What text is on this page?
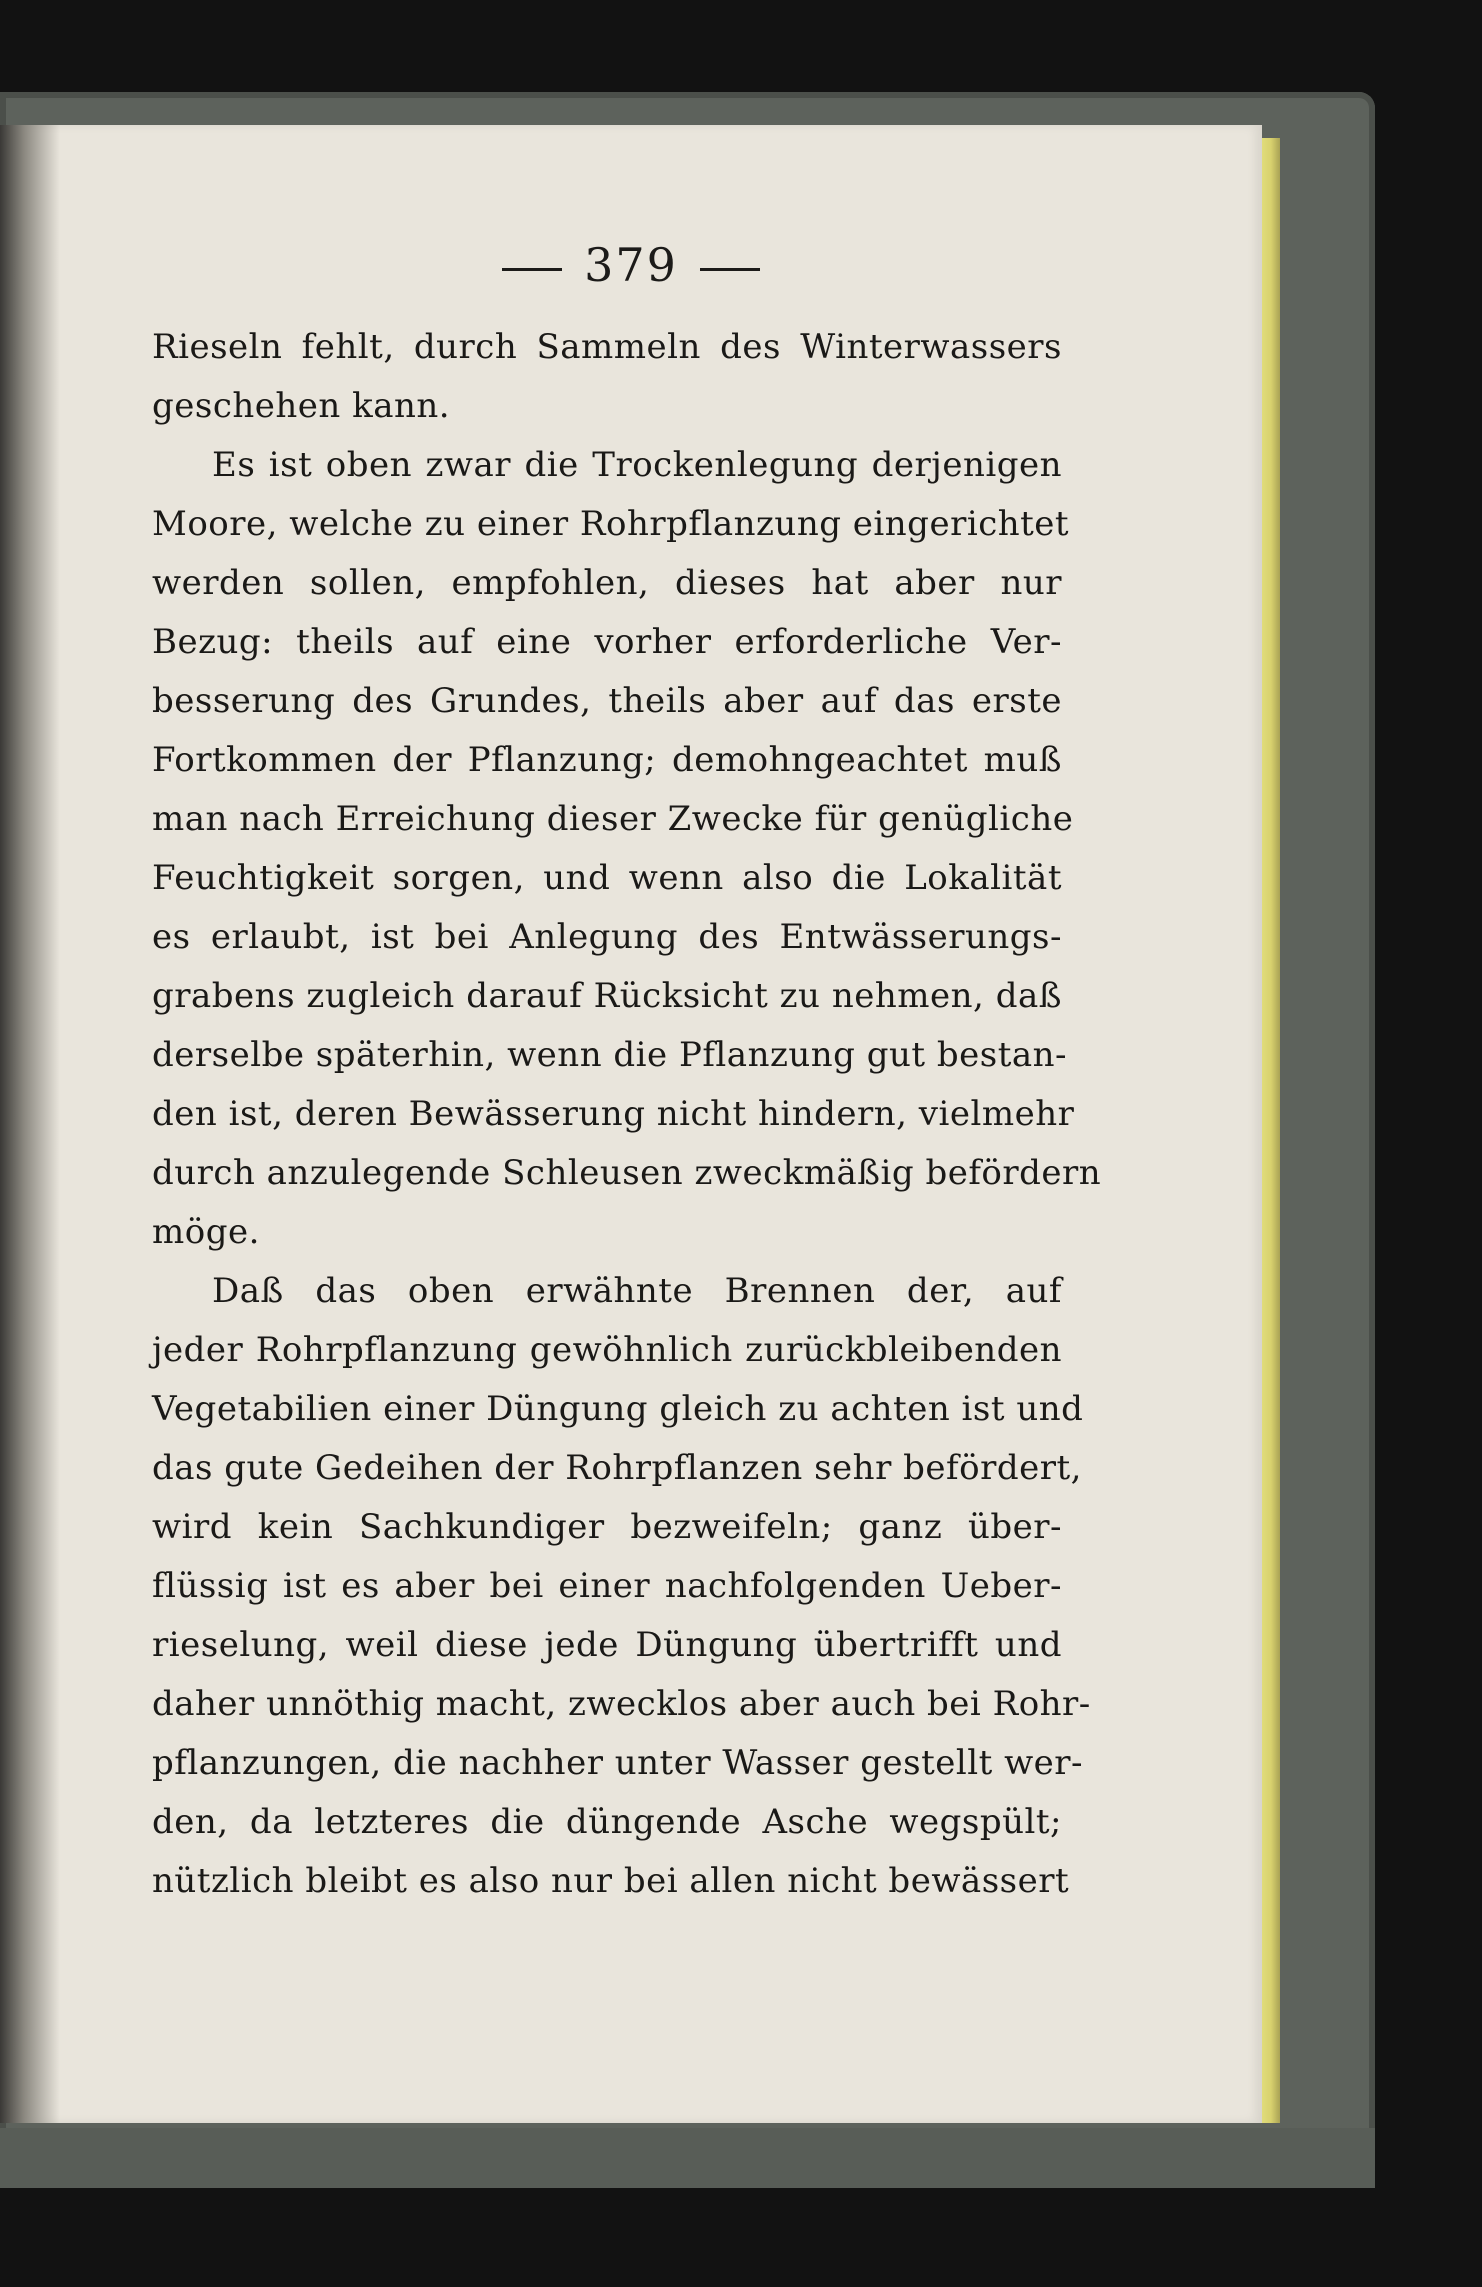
379
Rieseln fehlt, durch Sammeln des Winterwassers
geschehen kann.
Es ist oben zwar die Trockenlegung derjenigen
Moore, welche zu einer Rohrpflanzung eingerichtet
werden sollen, empfohlen, dieses hat aber nur
Bezug: theils auf eine vorher erforderliche Ver-
besserung des Grundes, theils aber auf das erste
Fortkommen der Pflanzung; demohngeachtet muß
man nach Erreichung dieser Zwecke für genügliche
Feuchtigkeit sorgen, und wenn also die Lokalität
es erlaubt, ist bei Anlegung des Entwässerungs-
grabens zugleich darauf Rücksicht zu nehmen, daß
derselbe späterhin, wenn die Pflanzung gut bestan-
den ist, deren Bewässerung nicht hindern, vielmehr
durch anzulegende Schleusen zweckmäßig befördern
möge.
Daß das oben erwähnte Brennen der, auf
jeder Rohrpflanzung gewöhnlich zurückbleibenden
Vegetabilien einer Düngung gleich zu achten ist und
das gute Gedeihen der Rohrpflanzen sehr befördert,
wird kein Sachkundiger bezweifeln; ganz über-
flüssig ist es aber bei einer nachfolgenden Ueber-
rieselung, weil diese jede Düngung übertrifft und
daher unnöthig macht, zwecklos aber auch bei Rohr-
pflanzungen, die nachher unter Wasser gestellt wer-
den, da letzteres die düngende Asche wegspült;
nützlich bleibt es also nur bei allen nicht bewässert
